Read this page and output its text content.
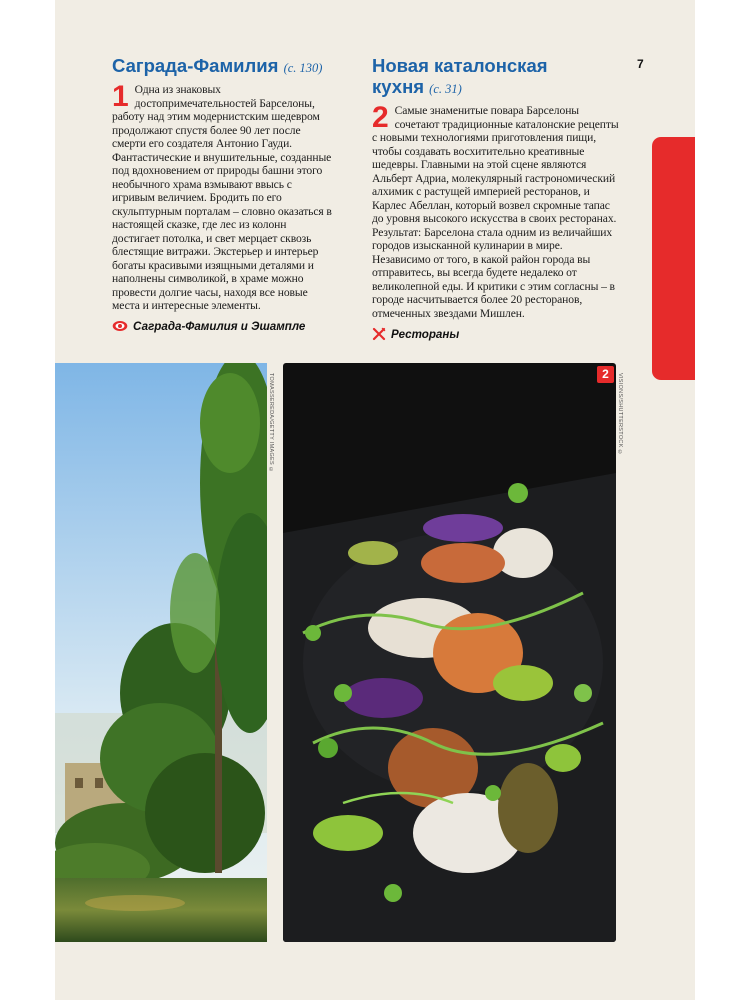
7
Саграда-Фамилия (с. 130)

1 Одна из знаковых достопримечательностей Барселоны, работу над этим модернистским шедевром продолжают спустя более 90 лет после смерти его создателя Антонио Гауди. Фантастические и внушительные, созданные под вдохновением от природы башни этого необычного храма взмывают ввысь с игривым величием. Бродить по его скульптурным порталам – словно оказаться в настоящей сказке, где лес из колонн достигает потолка, и свет мерцает сквозь блестящие витражи. Экстерьер и интерьер богаты красивыми изящными деталями и наполнены символикой, в храме можно провести долгие часы, находя все новые места и интересные элементы.

Саграда-Фамилия и Эшампле
Новая каталонская
кухня (с. 31)

2 Самые знаменитые повара Барселоны сочетают традиционные каталонские рецепты с новыми технологиями приготовления пищи, чтобы создавать восхитительно креативные шедевры. Главными на этой сцене являются Альберт Адриа, молекулярный гастрономический алхимик с растущей империей ресторанов, и Карлес Абеллан, который возвел скромные тапас до уровня высокого искусства в своих ресторанах. Результат: Барселона стала одним из величайших городов изысканной кулинарии в мире. Независимо от того, в какой район города вы отправитесь, вы всегда будете недалеко от великолепной еды. И критики с этим согласны – в городе насчитывается более 20 ресторанов, отмеченных звездами Мишлен.

Рестораны
TOMASSEREDA/GETTY IMAGES ©	VISIONS/SHUTTERSTOCK ©
2
